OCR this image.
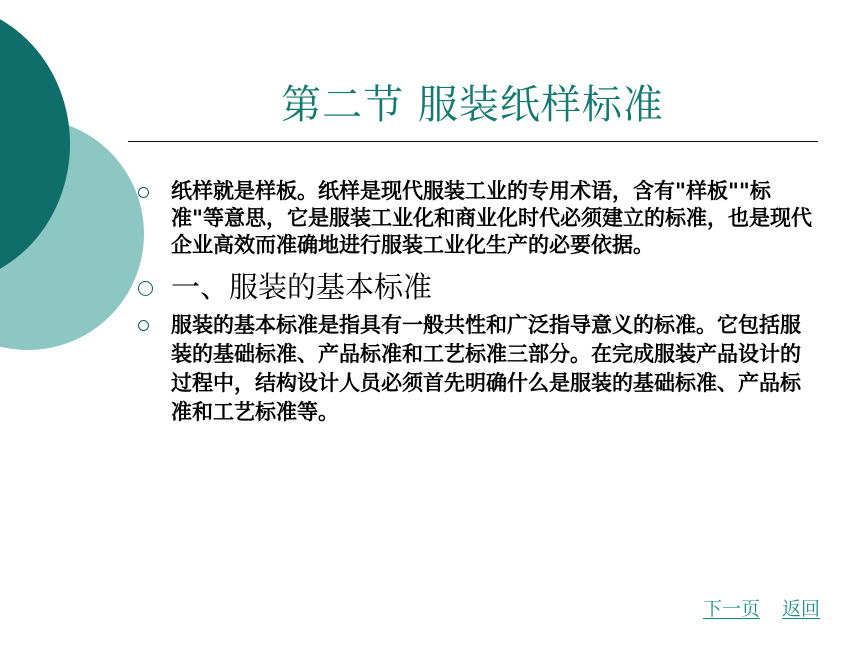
第二节 服装纸样标准
纸样就是样板。纸样是现代服装工业的专用术语，含有"样板""标准"等意思，它是服装工业化和商业化时代必须建立的标准，也是现代企业高效而准确地进行服装工业化生产的必要依据。
一、服装的基本标准
服装的基本标准是指具有一般共性和广泛指导意义的标准。它包括服装的基础标准、产品标准和工艺标准三部分。在完成服装产品设计的过程中，结构设计人员必须首先明确什么是服装的基础标准、产品标准和工艺标准等。
下一页 返回
